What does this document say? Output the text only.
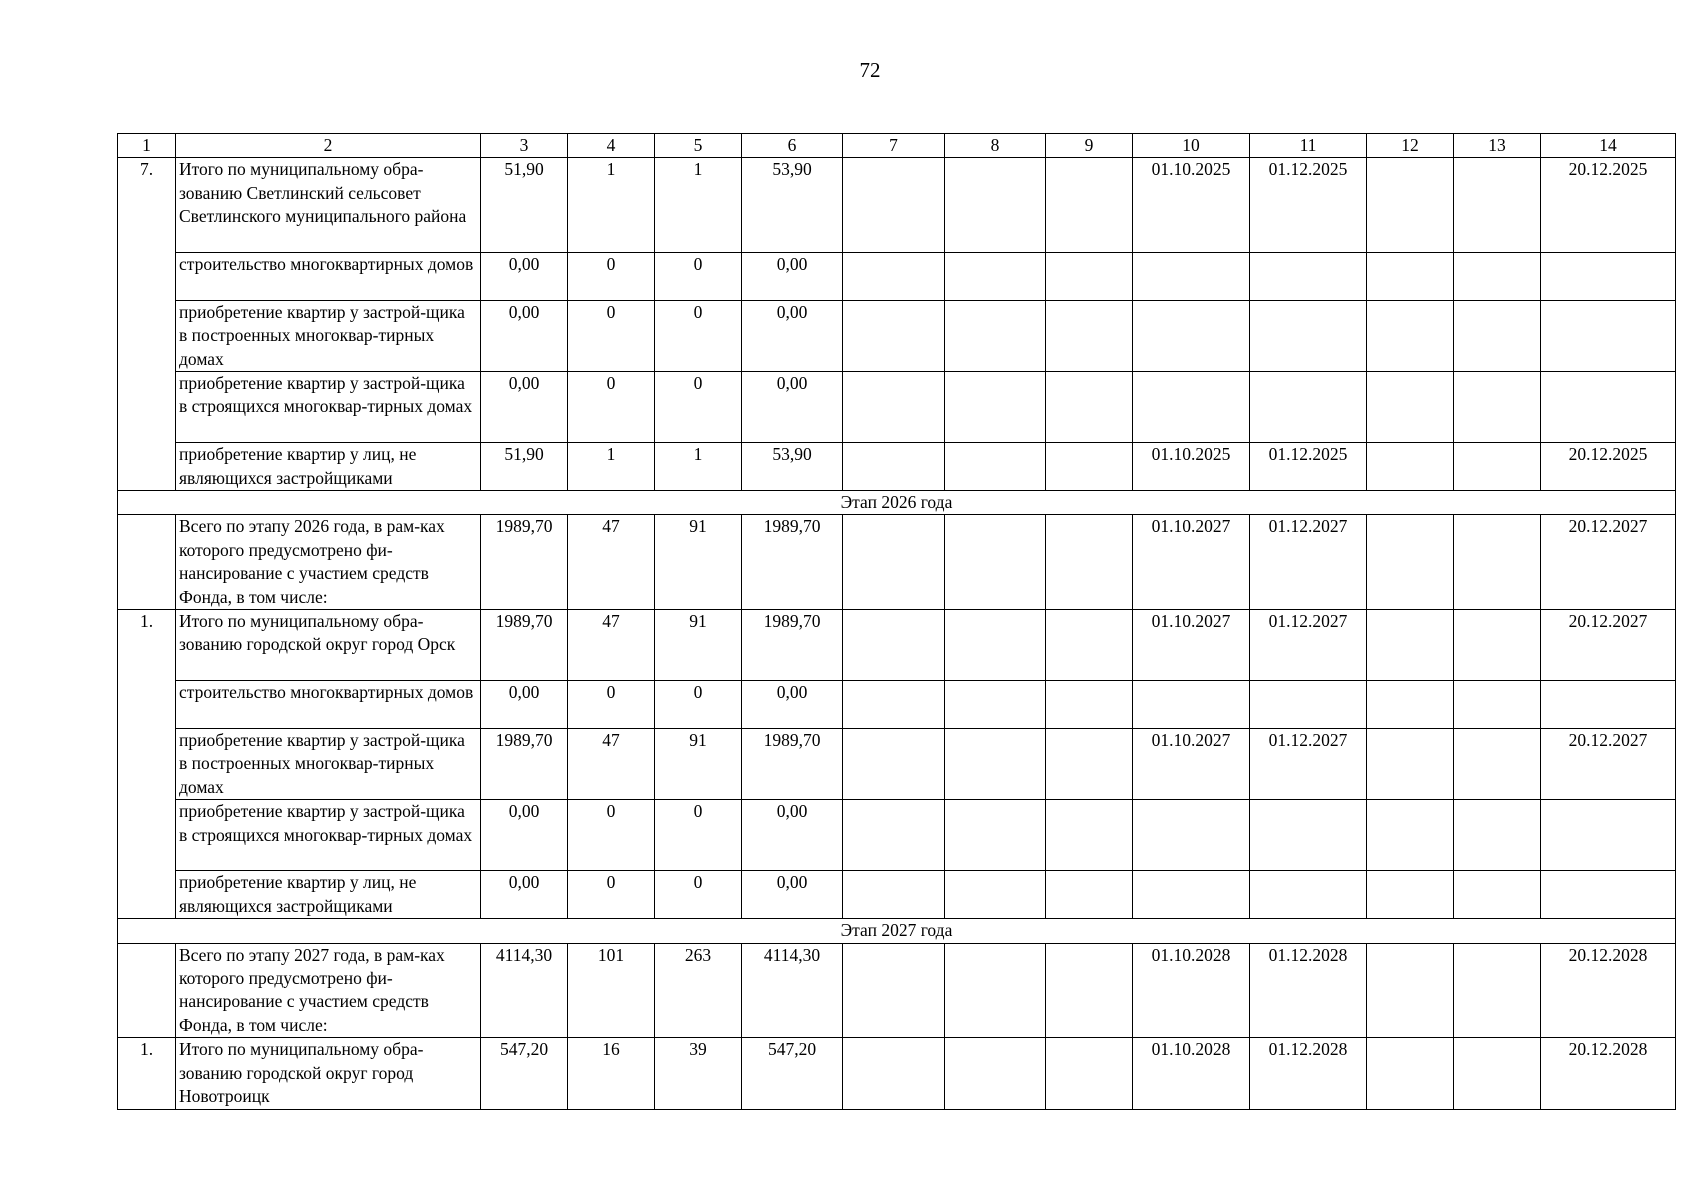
72
1	2	3	4	5	6	7	8	9	10	11	12	13	14
7.	Итого по муниципальному обра-зованию Светлинский сельсовет Светлинского муниципального района	51,90	1	1	53,90				01.10.2025	01.12.2025			20.12.2025
	строительство многоквартирных домов	0,00	0	0	0,00								
	приобретение квартир у застрой-щика в построенных многоквар-тирных домах	0,00	0	0	0,00								
	приобретение квартир у застрой-щика в строящихся многоквар-тирных домах	0,00	0	0	0,00								
	приобретение квартир у лиц, не являющихся застройщиками	51,90	1	1	53,90				01.10.2025	01.12.2025			20.12.2025
Этап 2026 года													
	Всего по этапу 2026 года, в рам-ках которого предусмотрено фи-нансирование с участием средств Фонда, в том числе:	1989,70	47	91	1989,70				01.10.2027	01.12.2027			20.12.2027
1.	Итого по муниципальному обра-зованию городской округ город Орск	1989,70	47	91	1989,70				01.10.2027	01.12.2027			20.12.2027
	строительство многоквартирных домов	0,00	0	0	0,00								
	приобретение квартир у застрой-щика в построенных многоквар-тирных домах	1989,70	47	91	1989,70				01.10.2027	01.12.2027			20.12.2027
	приобретение квартир у застрой-щика в строящихся многоквар-тирных домах	0,00	0	0	0,00								
	приобретение квартир у лиц, не являющихся застройщиками	0,00	0	0	0,00								
Этап 2027 года													
	Всего по этапу 2027 года, в рам-ках которого предусмотрено фи-нансирование с участием средств Фонда, в том числе:	4114,30	101	263	4114,30				01.10.2028	01.12.2028			20.12.2028
1.	Итого по муниципальному обра-зованию городской округ город Новотроицк	547,20	16	39	547,20				01.10.2028	01.12.2028			20.12.2028
